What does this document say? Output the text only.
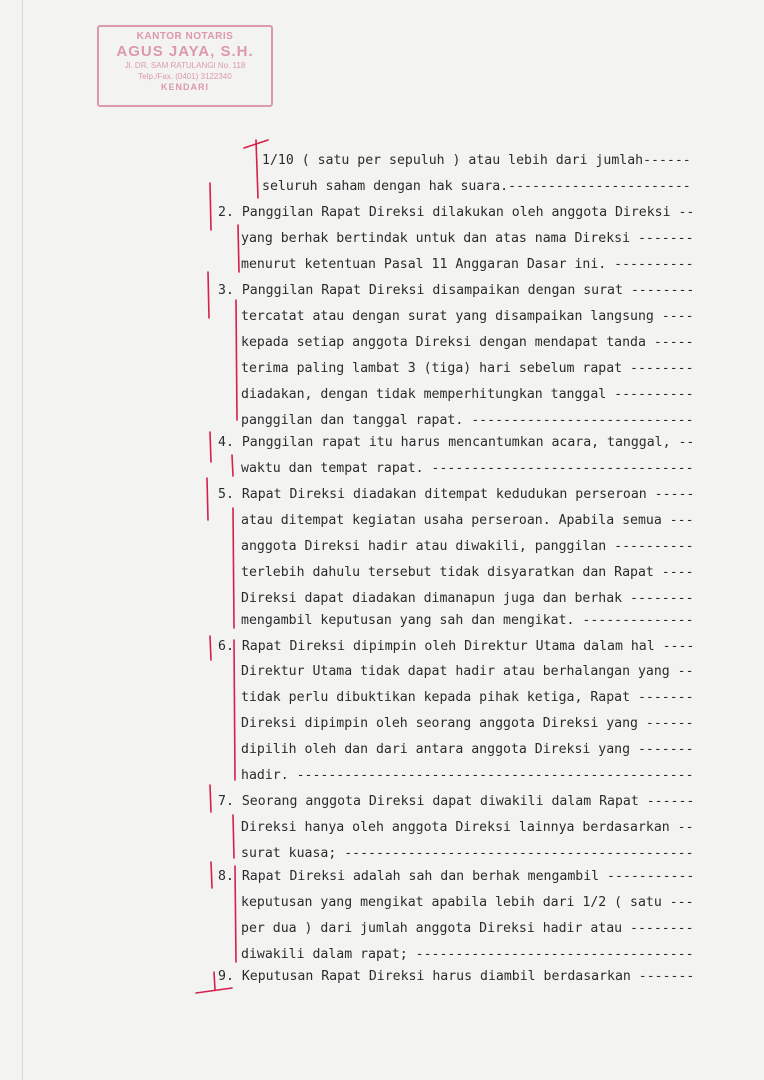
KANTOR NOTARIS
AGUS JAYA, S.H.
Jl. DR. SAM RATULANGI No. 118
Telp./Fax. (0401) 3122340
KENDARI
1/10 ( satu per sepuluh ) atau lebih dari jumlah------
seluruh saham dengan hak suara.-----------------------
2. Panggilan Rapat Direksi dilakukan oleh anggota Direksi --
yang berhak bertindak untuk dan atas nama Direksi -------
menurut ketentuan Pasal 11 Anggaran Dasar ini. ----------
3. Panggilan Rapat Direksi disampaikan dengan surat --------
tercatat atau dengan surat yang disampaikan langsung ----
kepada setiap anggota Direksi dengan mendapat tanda -----
terima paling lambat 3 (tiga) hari sebelum rapat --------
diadakan, dengan tidak memperhitungkan tanggal ----------
panggilan dan tanggal rapat. ----------------------------
4. Panggilan rapat itu harus mencantumkan acara, tanggal, --
waktu dan tempat rapat. ---------------------------------
5. Rapat Direksi diadakan ditempat kedudukan perseroan -----
atau ditempat kegiatan usaha perseroan. Apabila semua ---
anggota Direksi hadir atau diwakili, panggilan ----------
terlebih dahulu tersebut tidak disyaratkan dan Rapat ----
Direksi dapat diadakan dimanapun juga dan berhak --------
mengambil keputusan yang sah dan mengikat. --------------
6. Rapat Direksi dipimpin oleh Direktur Utama dalam hal ----
Direktur Utama tidak dapat hadir atau berhalangan yang --
tidak perlu dibuktikan kepada pihak ketiga, Rapat -------
Direksi dipimpin oleh seorang anggota Direksi yang ------
dipilih oleh dan dari antara anggota Direksi yang -------
hadir. --------------------------------------------------
7. Seorang anggota Direksi dapat diwakili dalam Rapat ------
Direksi hanya oleh anggota Direksi lainnya berdasarkan --
surat kuasa; --------------------------------------------
8. Rapat Direksi adalah sah dan berhak mengambil -----------
keputusan yang mengikat apabila lebih dari 1/2 ( satu ---
per dua ) dari jumlah anggota Direksi hadir atau --------
diwakili dalam rapat; -----------------------------------
9. Keputusan Rapat Direksi harus diambil berdasarkan -------
